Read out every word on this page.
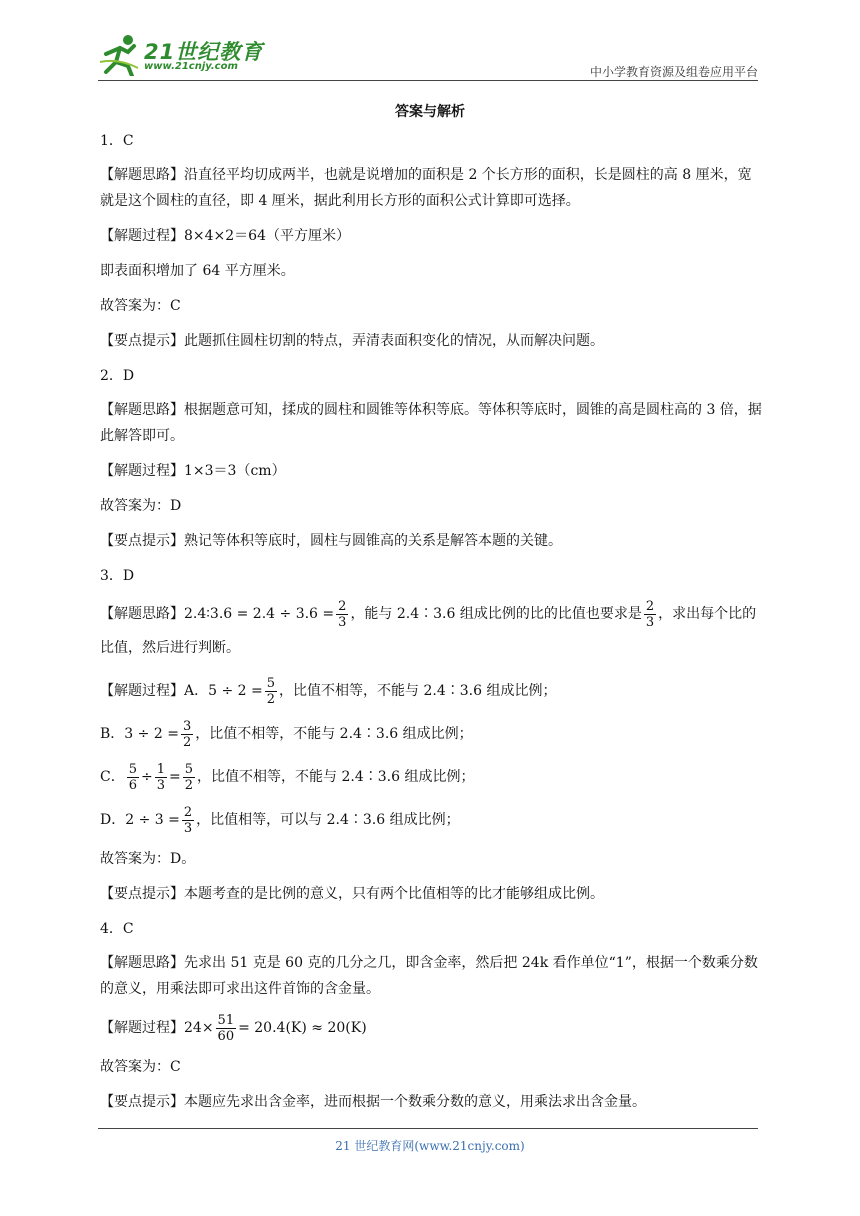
21世纪教育
www.21cnjy.com	中小学教育资源及组卷应用平台
答案与解析
1．C
【解题思路】沿直径平均切成两半，也就是说增加的面积是 2 个长方形的面积，长是圆柱的高 8 厘米，宽就是这个圆柱的直径，即 4 厘米，据此利用长方形的面积公式计算即可选择。
【解题过程】8×4×2＝64（平方厘米）
即表面积增加了 64 平方厘米。
故答案为：C
【要点提示】此题抓住圆柱切割的特点，弄清表面积变化的情况，从而解决问题。
2．D
【解题思路】根据题意可知，揉成的圆柱和圆锥等体积等底。等体积等底时，圆锥的高是圆柱高的 3 倍，据此解答即可。
【解题过程】1×3＝3（cm）
故答案为：D
【要点提示】熟记等体积等底时，圆柱与圆锥高的关系是解答本题的关键。
3．D
【解题思路】2.4∶3.6 = $2.4 \div 3.6 = \frac{2}{3}$ ，能与 2.4∶3.6 组成比例的比的比值也要求是 $\frac{2}{3}$ ，求出每个比的比值，然后进行判断。
【解题过程】A．$5 \div 2 = \frac{5}{2}$ ，比值不相等，不能与 2.4∶3.6 组成比例；
B．$3 \div 2 = \frac{3}{2}$ ，比值不相等，不能与 2.4∶3.6 组成比例；
C． $\frac{5}{6} \div \frac{1}{3} = \frac{5}{2}$ ，比值不相等，不能与 2.4∶3.6 组成比例；
D．$2 \div 3 = \frac{2}{3}$ ，比值相等，可以与 2.4∶3.6 组成比例；
故答案为：D。
【要点提示】本题考查的是比例的意义，只有两个比值相等的比才能够组成比例。
4．C
【解题思路】先求出 51 克是 60 克的几分之几，即含金率，然后把 24k 看作单位“1”，根据一个数乘分数的意义，用乘法即可求出这件首饰的含金量。
【解题过程】$24\times \frac{51}{60} = 20.4(K) \approx 20(K)$
故答案为：C
【要点提示】本题应先求出含金率，进而根据一个数乘分数的意义，用乘法求出含金量。
21 世纪教育网(www.21cnjy.com)
